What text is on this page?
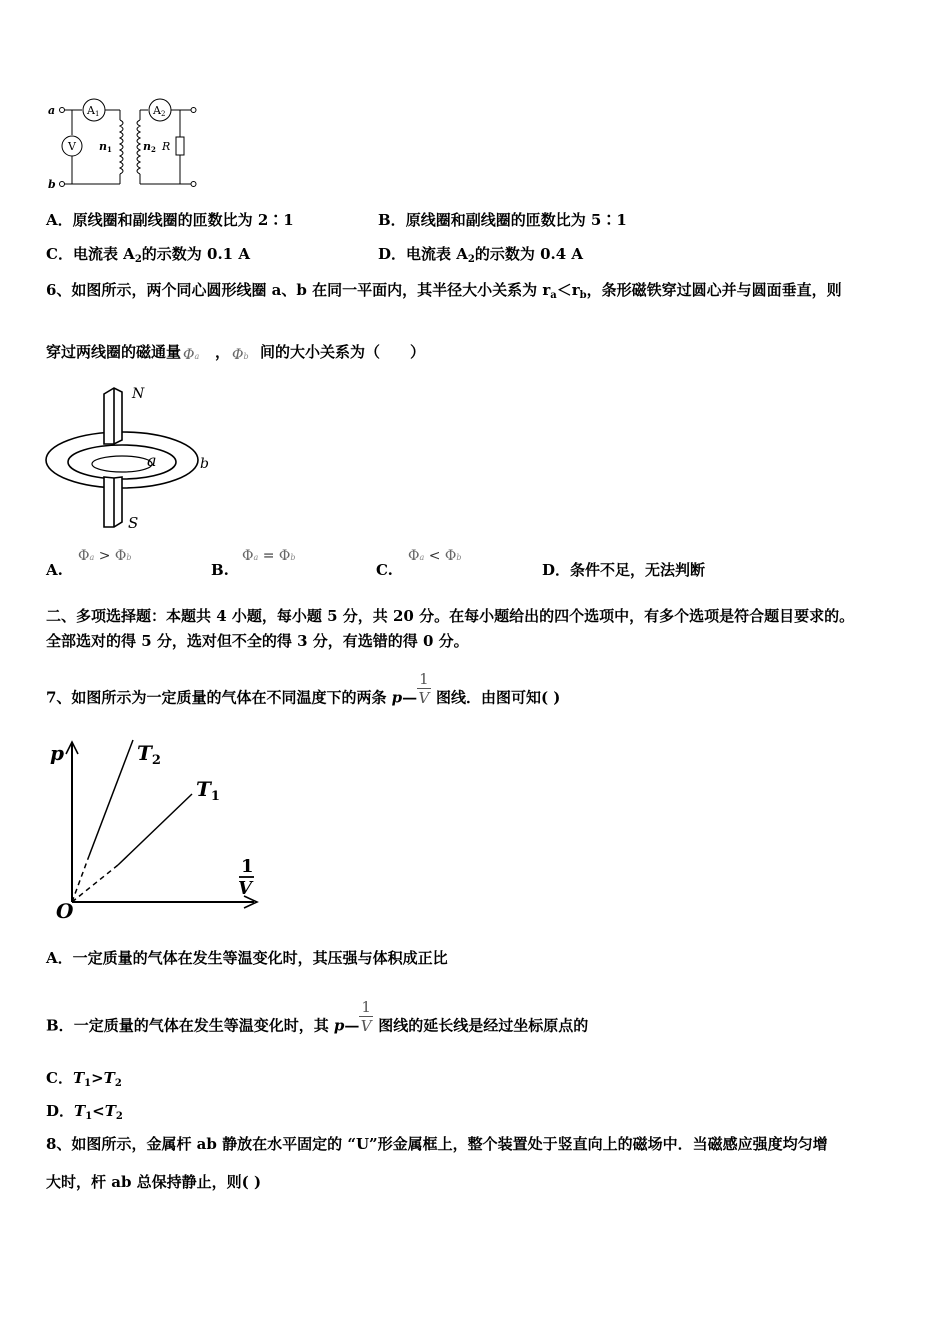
a
b
A1	A2
V n1	n2 R
A．原线圈和副线圈的匝数比为 2∶1	B．原线圈和副线圈的匝数比为 5∶1
C．电流表 $A_2$的示数为 0.1 A	D．电流表 $A_2$的示数为 0.4 A
6、如图所示，两个同心圆形线圈 a、b 在同一平面内，其半径大小关系为 $r_a<r_b$，条形磁铁穿过圆心并与圆面垂直，则
穿过两线圈的磁通量 Φa ， Φb 间的大小关系为（　　）
N
S
a	b
A.
Φa > Φb
B.
Φa = Φb
C.
Φa < Φb
D．条件不足，无法判断
二、多项选择题：本题共 4 小题，每小题 5 分，共 20 分。在每小题给出的四个选项中，有多个选项是符合题目要求的。
全部选对的得 5 分，选对但不全的得 3 分，有选错的得 0 分。
7、如图所示为一定质量的气体在不同温度下的两条 p— $\frac{1}{V}$ 图线．由图可知( )
p	$T_2$
$T_1$
1
V
O
A．一定质量的气体在发生等温变化时，其压强与体积成正比
B．一定质量的气体在发生等温变化时，其 p— $\frac{1}{V}$ 图线的延长线是经过坐标原点的
C．$T_1>T_2$
D．$T_1<T_2$
8、如图所示，金属杆 ab 静放在水平固定的 “U”形金属框上，整个装置处于竖直向上的磁场中．当磁感应强度均匀增
大时，杆 ab 总保持静止，则( )
